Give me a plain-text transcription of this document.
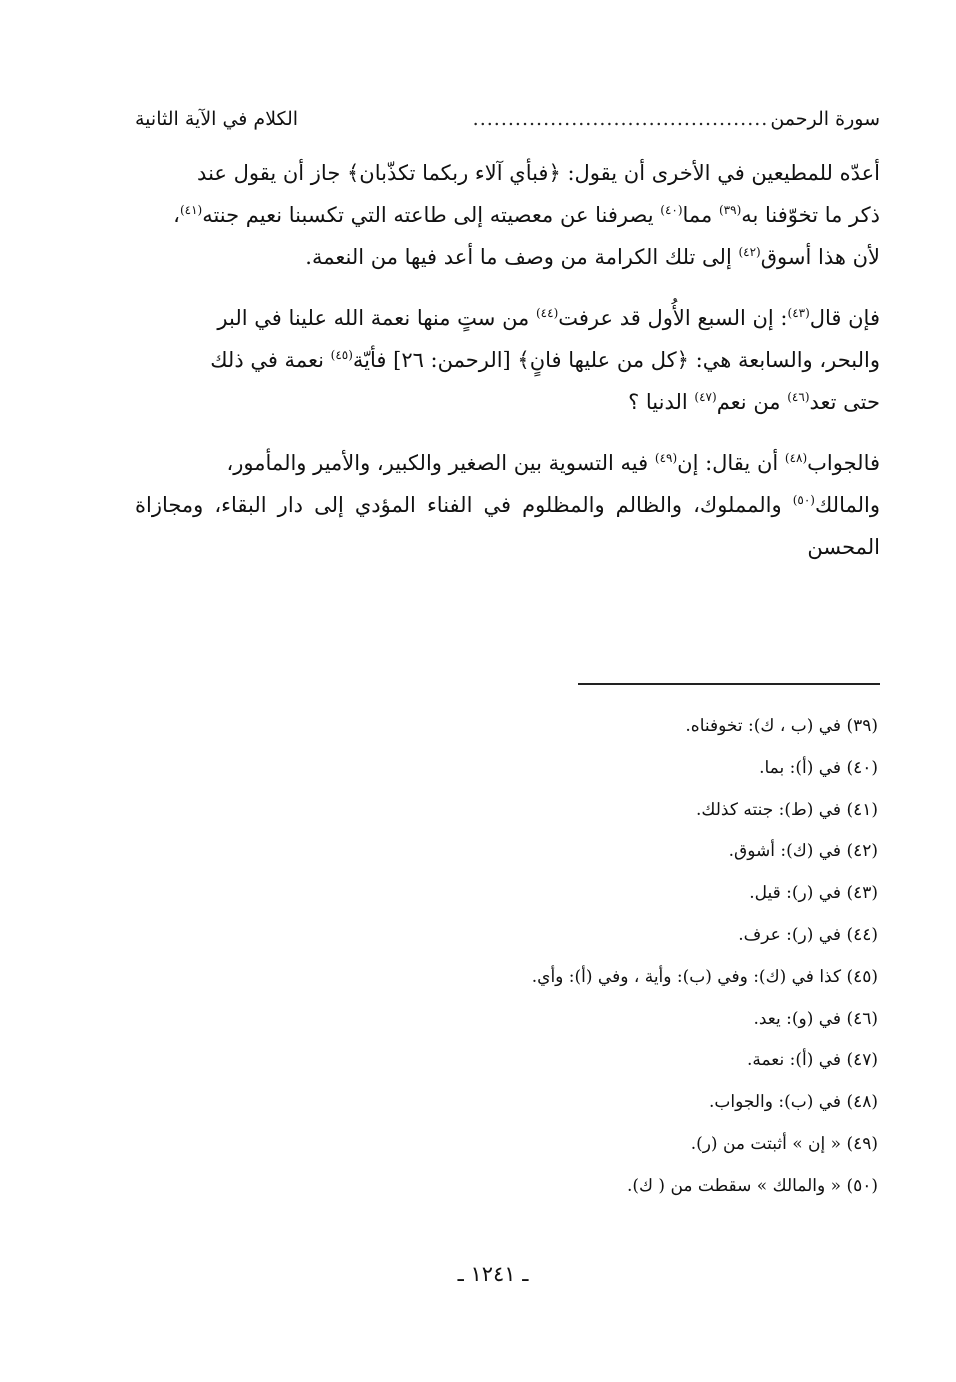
سورة الرحمن
..........................................
الكلام في الآية الثانية

أعدّه للمطيعين في الأخرى أن يقول: ﴿فبأي آلاء ربكما تكذّبان﴾ جاز أن يقول عند

ذكر ما تخوّفنا به$^{(٣٩)}$ مما$^{(٤٠)}$ يصرفنا عن معصيته إلى طاعته التي تكسبنا نعيم جنته$^{(٤١)}$،

لأن هذا أسوق$^{(٤٢)}$ إلى تلك الكرامة من وصف ما أعد فيها من النعمة.

فإن قال$^{(٤٣)}$: إن السبع الأُول قد عرفت$^{(٤٤)}$ من ستٍ منها نعمة الله علينا في البر

والبحر، والسابعة هي: ﴿كل من عليها فانٍ﴾ [الرحمن: ٢٦] فأيّة$^{(٤٥)}$ نعمة في ذلك

حتى تعد$^{(٤٦)}$ من نعم$^{(٤٧)}$ الدنيا ؟

فالجواب$^{(٤٨)}$ أن يقال: إن$^{(٤٩)}$ فيه التسوية بين الصغير والكبير، والأمير والمأمور،

والمالك$^{(٥٠)}$ والمملوك، والظالم والمظلوم في الفناء المؤدي إلى دار البقاء، ومجازاة المحسن

(٣٩) في (ب ، ك): تخوفناه.
(٤٠) في (أ): بما.
(٤١) في (ط): جنته كذلك.
(٤٢) في (ك): أشوق.
(٤٣) في (ر): قيل.
(٤٤) في (ر): عرف.
(٤٥) كذا في (ك): وفي (ب): وأية ، وفي (أ): وأي.
(٤٦) في (و): يعد.
(٤٧) في (أ): نعمة.
(٤٨) في (ب): والجواب.
(٤٩) « إن » أثبتت من (ر).
(٥٠) « والمالك » سقطت من ( ك).
ـ ١٢٤١ ـ
